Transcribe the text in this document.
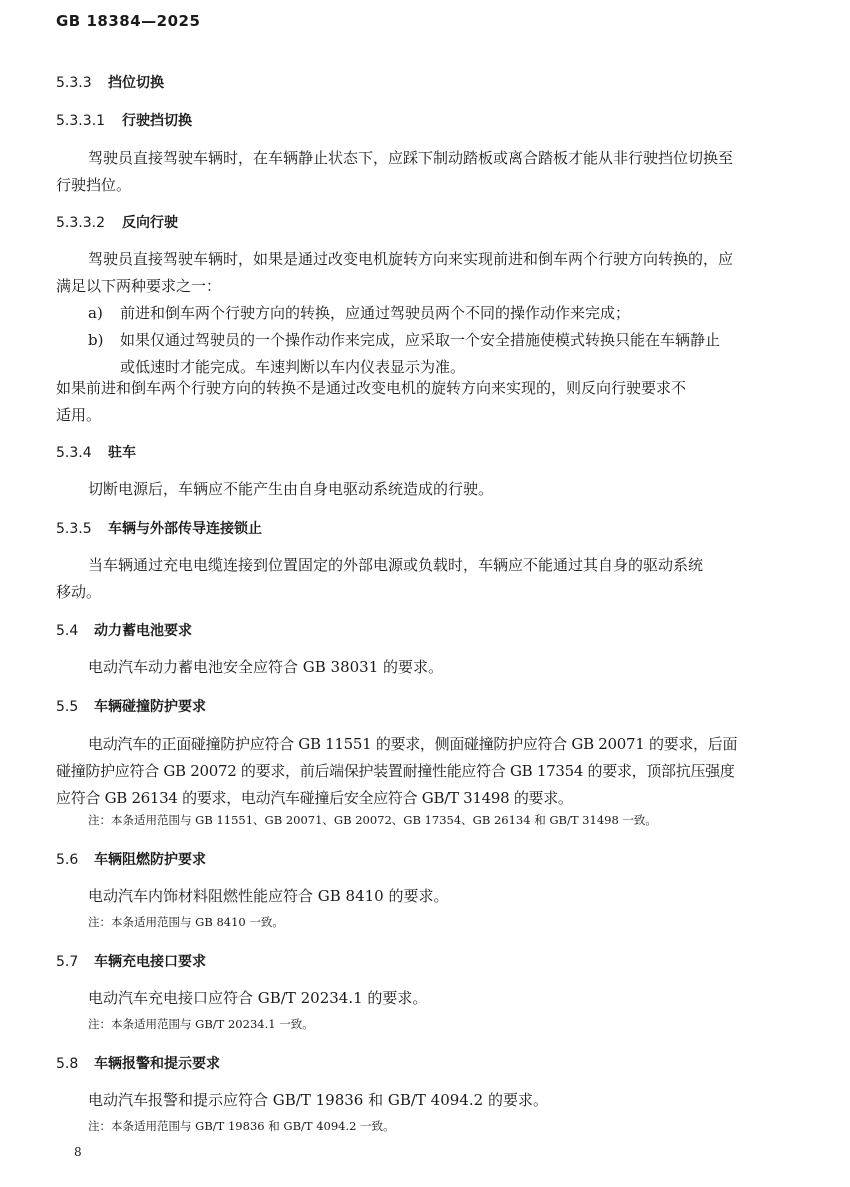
GB 18384—2025
5.3.3 挡位切换
5.3.3.1 行驶挡切换
驾驶员直接驾驶车辆时，在车辆静止状态下，应踩下制动踏板或离合踏板才能从非行驶挡位切换至
行驶挡位。
5.3.3.2 反向行驶
驾驶员直接驾驶车辆时，如果是通过改变电机旋转方向来实现前进和倒车两个行驶方向转换的，应
满足以下两种要求之一：
a)	前进和倒车两个行驶方向的转换，应通过驾驶员两个不同的操作动作来完成；
b)	如果仅通过驾驶员的一个操作动作来完成，应采取一个安全措施使模式转换只能在车辆静止
或低速时才能完成。车速判断以车内仪表显示为准。
如果前进和倒车两个行驶方向的转换不是通过改变电机的旋转方向来实现的，则反向行驶要求不
适用。
5.3.4 驻车
切断电源后，车辆应不能产生由自身电驱动系统造成的行驶。
5.3.5 车辆与外部传导连接锁止
当车辆通过充电电缆连接到位置固定的外部电源或负载时，车辆应不能通过其自身的驱动系统
移动。
5.4 动力蓄电池要求
电动汽车动力蓄电池安全应符合 GB 38031 的要求。
5.5 车辆碰撞防护要求
电动汽车的正面碰撞防护应符合 GB 11551 的要求，侧面碰撞防护应符合 GB 20071 的要求，后面
碰撞防护应符合 GB 20072 的要求，前后端保护装置耐撞性能应符合 GB 17354 的要求，顶部抗压强度
应符合 GB 26134 的要求，电动汽车碰撞后安全应符合 GB/T 31498 的要求。
注：本条适用范围与 GB 11551、GB 20071、GB 20072、GB 17354、GB 26134 和 GB/T 31498 一致。
5.6 车辆阻燃防护要求
电动汽车内饰材料阻燃性能应符合 GB 8410 的要求。
注：本条适用范围与 GB 8410 一致。
5.7 车辆充电接口要求
电动汽车充电接口应符合 GB/T 20234.1 的要求。
注：本条适用范围与 GB/T 20234.1 一致。
5.8 车辆报警和提示要求
电动汽车报警和提示应符合 GB/T 19836 和 GB/T 4094.2 的要求。
注：本条适用范围与 GB/T 19836 和 GB/T 4094.2 一致。
8
